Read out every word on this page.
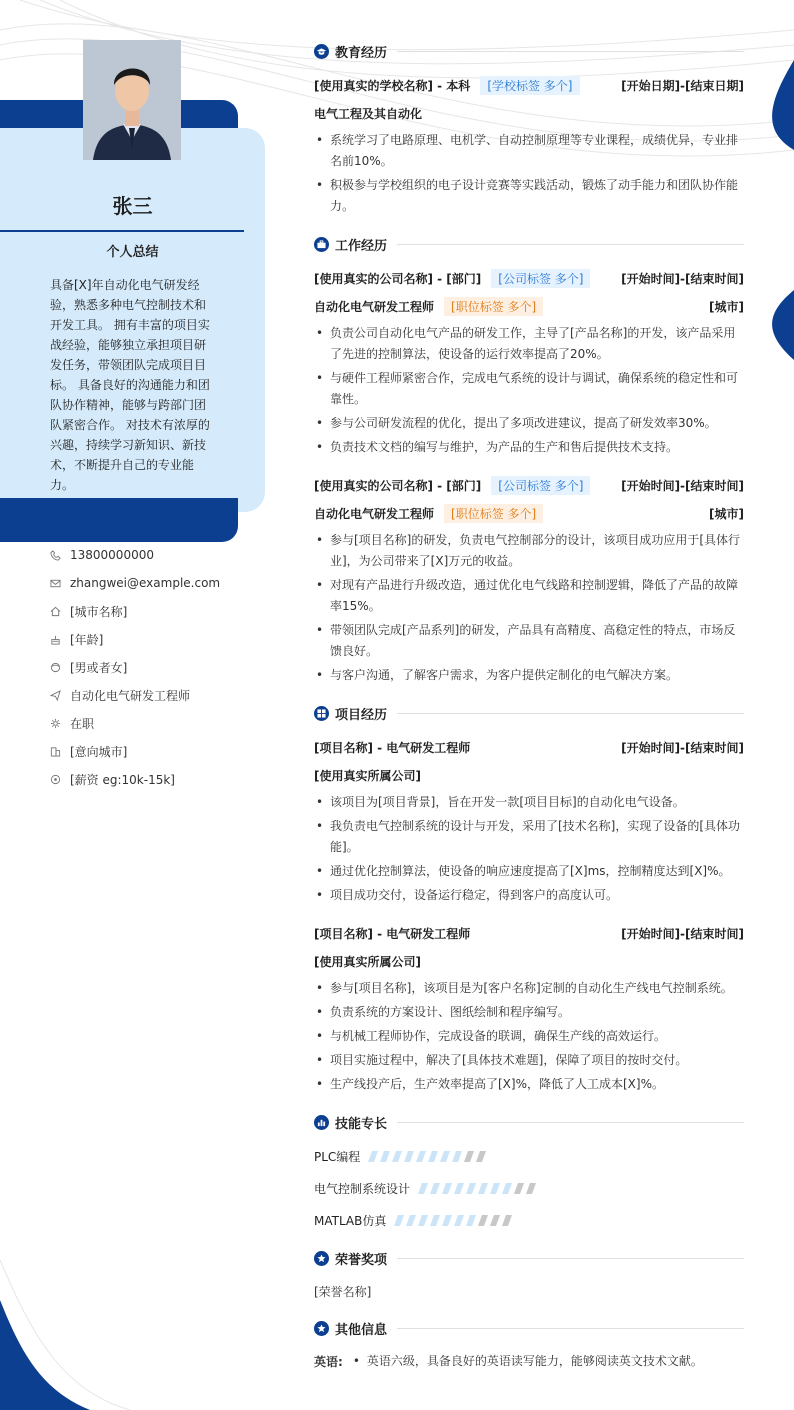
张三
个人总结
具备[X]年自动化电气研发经验，熟悉多种电气控制技术和开发工具。 拥有丰富的项目实战经验，能够独立承担项目研发任务，带领团队完成项目目标。 具备良好的沟通能力和团队协作精神，能够与跨部门团队紧密合作。 对技术有浓厚的兴趣，持续学习新知识、新技术，不断提升自己的专业能力。
13800000000
zhangwei@example.com
[城市名称]
[年龄]
[男或者女]
自动化电气研发工程师
在职
[意向城市]
[薪资 eg:10k-15k]
教育经历
[使用真实的学校名称] - 本科	[学校标签 多个]	[开始日期]-[结束日期]
电气工程及其自动化
• 系统学习了电路原理、电机学、自动控制原理等专业课程，成绩优异，专业排名前10%。
• 积极参与学校组织的电子设计竞赛等实践活动，锻炼了动手能力和团队协作能力。
工作经历
[使用真实的公司名称] - [部门]	[公司标签 多个]	[开始时间]-[结束时间]
自动化电气研发工程师	[职位标签 多个]	[城市]
• 负责公司自动化电气产品的研发工作，主导了[产品名称]的开发，该产品采用了先进的控制算法，使设备的运行效率提高了20%。
• 与硬件工程师紧密合作，完成电气系统的设计与调试，确保系统的稳定性和可靠性。
• 参与公司研发流程的优化，提出了多项改进建议，提高了研发效率30%。
• 负责技术文档的编写与维护，为产品的生产和售后提供技术支持。
[使用真实的公司名称] - [部门]	[公司标签 多个]	[开始时间]-[结束时间]
自动化电气研发工程师	[职位标签 多个]	[城市]
• 参与[项目名称]的研发，负责电气控制部分的设计，该项目成功应用于[具体行业]，为公司带来了[X]万元的收益。
• 对现有产品进行升级改造，通过优化电气线路和控制逻辑，降低了产品的故障率15%。
• 带领团队完成[产品系列]的研发，产品具有高精度、高稳定性的特点，市场反馈良好。
• 与客户沟通，了解客户需求，为客户提供定制化的电气解决方案。
项目经历
[项目名称] - 电气研发工程师	[开始时间]-[结束时间]
[使用真实所属公司]
• 该项目为[项目背景]，旨在开发一款[项目目标]的自动化电气设备。
• 我负责电气控制系统的设计与开发，采用了[技术名称]，实现了设备的[具体功能]。
• 通过优化控制算法，使设备的响应速度提高了[X]ms，控制精度达到[X]%。
• 项目成功交付，设备运行稳定，得到客户的高度认可。
[项目名称] - 电气研发工程师	[开始时间]-[结束时间]
[使用真实所属公司]
• 参与[项目名称]，该项目是为[客户名称]定制的自动化生产线电气控制系统。
• 负责系统的方案设计、图纸绘制和程序编写。
• 与机械工程师协作，完成设备的联调，确保生产线的高效运行。
• 项目实施过程中，解决了[具体技术难题]，保障了项目的按时交付。
• 生产线投产后，生产效率提高了[X]%，降低了人工成本[X]%。
技能专长
PLC编程
电气控制系统设计
MATLAB仿真
荣誉奖项
[荣誉名称]
其他信息
英语:
•	英语六级，具备良好的英语读写能力，能够阅读英文技术文献。
